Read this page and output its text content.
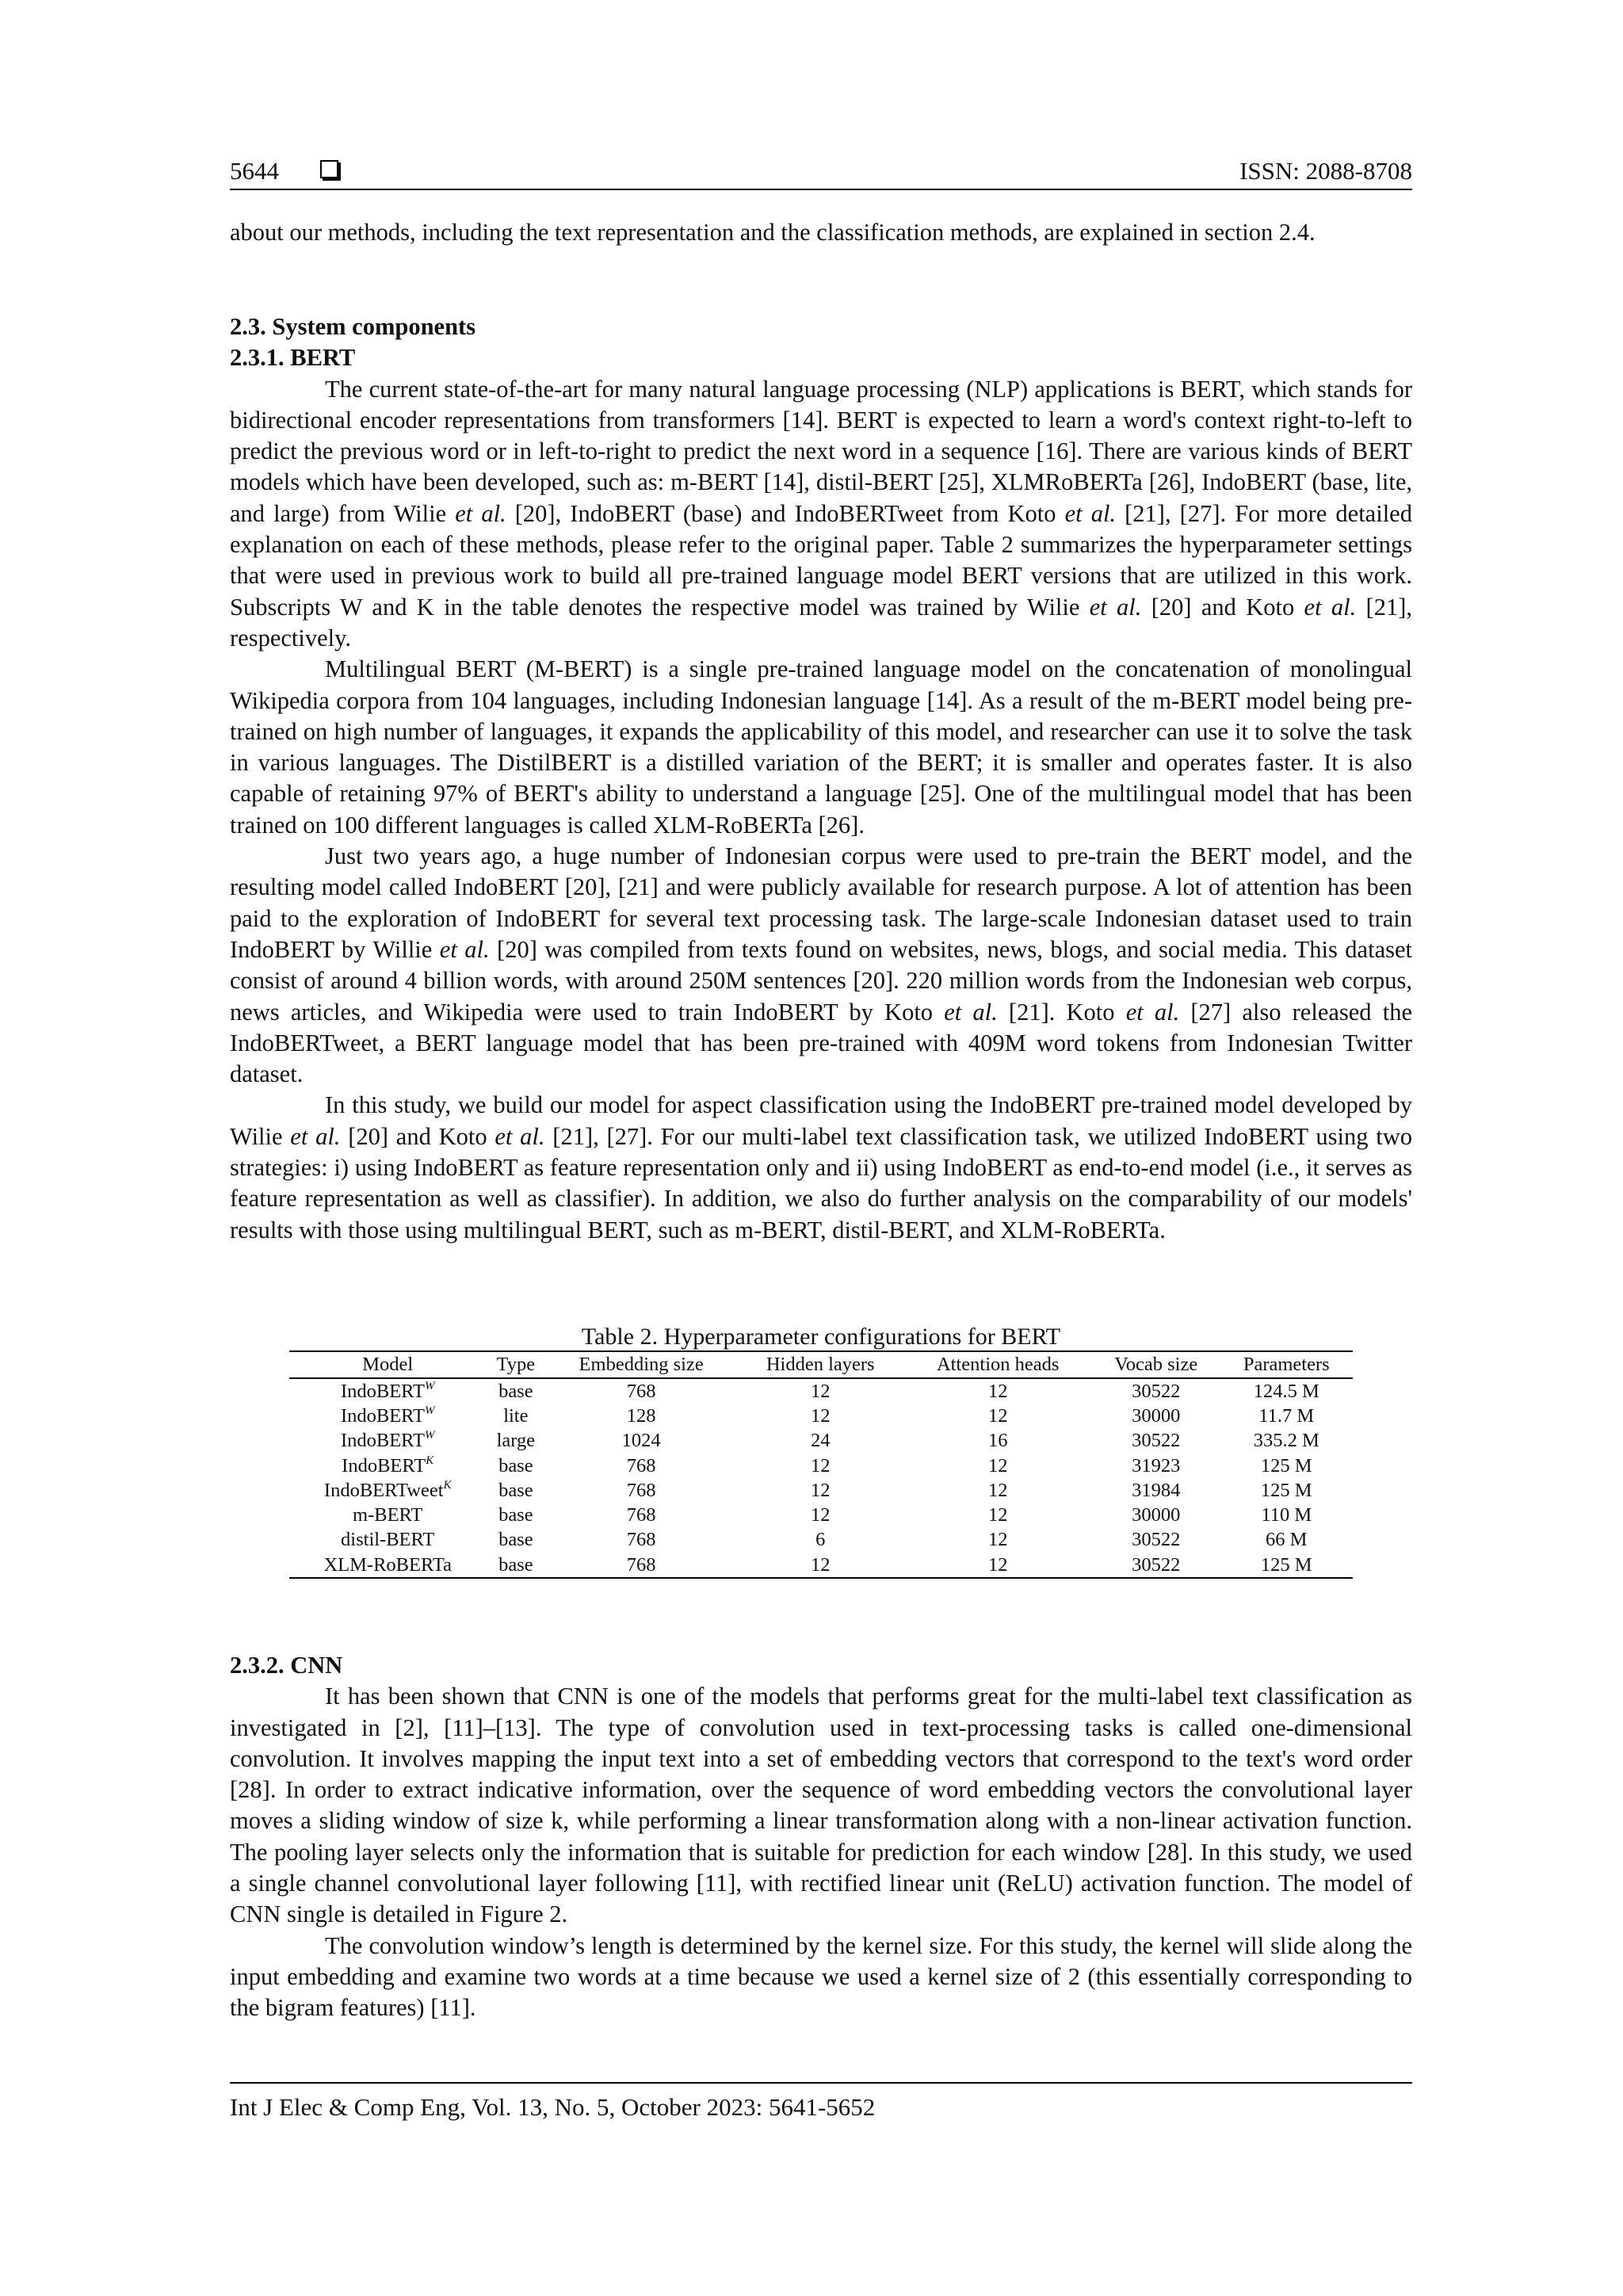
5644	ISSN: 2088-8708

about our methods, including the text representation and the classification methods, are explained in section 2.4.

2.3. System components
2.3.1. BERT

The current state-of-the-art for many natural language processing (NLP) applications is BERT, which stands for bidirectional encoder representations from transformers [14]. BERT is expected to learn a word's context right-to-left to predict the previous word or in left-to-right to predict the next word in a sequence [16]. There are various kinds of BERT models which have been developed, such as: m-BERT [14], distil-BERT [25], XLMRoBERTa [26], IndoBERT (base, lite, and large) from Wilie et al. [20], IndoBERT (base) and IndoBERTweet from Koto et al. [21], [27]. For more detailed explanation on each of these methods, please refer to the original paper. Table 2 summarizes the hyperparameter settings that were used in previous work to build all pre-trained language model BERT versions that are utilized in this work. Subscripts W and K in the table denotes the respective model was trained by Wilie et al. [20] and Koto et al. [21], respectively.

Multilingual BERT (M-BERT) is a single pre-trained language model on the concatenation of monolingual Wikipedia corpora from 104 languages, including Indonesian language [14]. As a result of the m-BERT model being pre-trained on high number of languages, it expands the applicability of this model, and researcher can use it to solve the task in various languages. The DistilBERT is a distilled variation of the BERT; it is smaller and operates faster. It is also capable of retaining 97% of BERT's ability to understand a language [25]. One of the multilingual model that has been trained on 100 different languages is called XLM-RoBERTa [26].

Just two years ago, a huge number of Indonesian corpus were used to pre-train the BERT model, and the resulting model called IndoBERT [20], [21] and were publicly available for research purpose. A lot of attention has been paid to the exploration of IndoBERT for several text processing task. The large-scale Indonesian dataset used to train IndoBERT by Willie et al. [20] was compiled from texts found on websites, news, blogs, and social media. This dataset consist of around 4 billion words, with around 250M sentences [20]. 220 million words from the Indonesian web corpus, news articles, and Wikipedia were used to train IndoBERT by Koto et al. [21]. Koto et al. [27] also released the IndoBERTweet, a BERT language model that has been pre-trained with 409M word tokens from Indonesian Twitter dataset.

In this study, we build our model for aspect classification using the IndoBERT pre-trained model developed by Wilie et al. [20] and Koto et al. [21], [27]. For our multi-label text classification task, we utilized IndoBERT using two strategies: i) using IndoBERT as feature representation only and ii) using IndoBERT as end-to-end model (i.e., it serves as feature representation as well as classifier). In addition, we also do further analysis on the comparability of our models' results with those using multilingual BERT, such as m-BERT, distil-BERT, and XLM-RoBERTa.

Table 2. Hyperparameter configurations for BERT
Model	Type	Embedding size	Hidden layers	Attention heads	Vocab size	Parameters
IndoBERT$^W$	base	768	12	12	30522	124.5 M
IndoBERT$^W$	lite	128	12	12	30000	11.7 M
IndoBERT$^W$	large	1024	24	16	30522	335.2 M
IndoBERT$^K$	base	768	12	12	31923	125 M
IndoBERTweet$^K$	base	768	12	12	31984	125 M
m-BERT	base	768	12	12	30000	110 M
distil-BERT	base	768	6	12	30522	66 M
XLM-RoBERTa	base	768	12	12	30522	125 M
2.3.2. CNN

It has been shown that CNN is one of the models that performs great for the multi-label text classification as investigated in [2], [11]–[13]. The type of convolution used in text-processing tasks is called one-dimensional convolution. It involves mapping the input text into a set of embedding vectors that correspond to the text's word order [28]. In order to extract indicative information, over the sequence of word embedding vectors the convolutional layer moves a sliding window of size k, while performing a linear transformation along with a non-linear activation function. The pooling layer selects only the information that is suitable for prediction for each window [28]. In this study, we used a single channel convolutional layer following [11], with rectified linear unit (ReLU) activation function. The model of CNN single is detailed in Figure 2.

The convolution window’s length is determined by the kernel size. For this study, the kernel will slide along the input embedding and examine two words at a time because we used a kernel size of 2 (this essentially corresponding to the bigram features) [11].

Int J Elec & Comp Eng, Vol. 13, No. 5, October 2023: 5641-5652
